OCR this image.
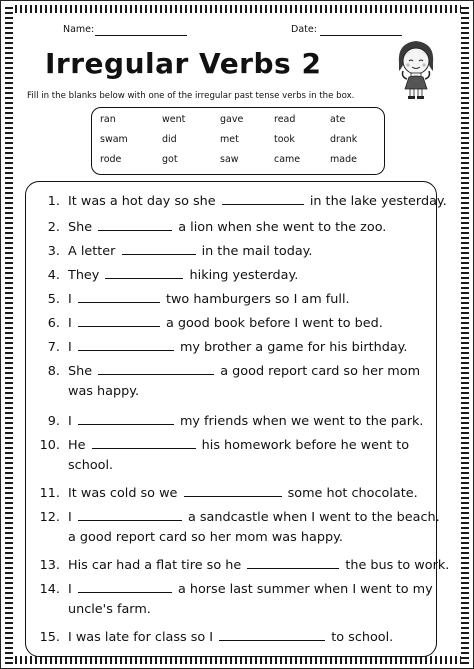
Name:	Date:
Irregular Verbs 2
Fill in the blanks below with one of the irregular past tense verbs in the box.
ran	went	gave	read	ate
swam	did	met	took	drank
rode	got	saw	came	made
1. It was a hot day so she	in the lake yesterday.
2. She	a lion when she went to the zoo.
3. A letter	in the mail today.
4. They	hiking yesterday.
5. I	two hamburgers so I am full.
6. I	a good book before I went to bed.
7. I	my brother a game for his birthday.
8. She	a good report card so her mom
was happy.
9. I	my friends when we went to the park.
10. He	his homework before he went to
school.
11. It was cold so we	some hot chocolate.
12. I	a sandcastle when I went to the beach.
a good report card so her mom was happy.
13. His car had a flat tire so he	the bus to work.
14. I	a horse last summer when I went to my
uncle's farm.
15. I was late for class so I	to school.
